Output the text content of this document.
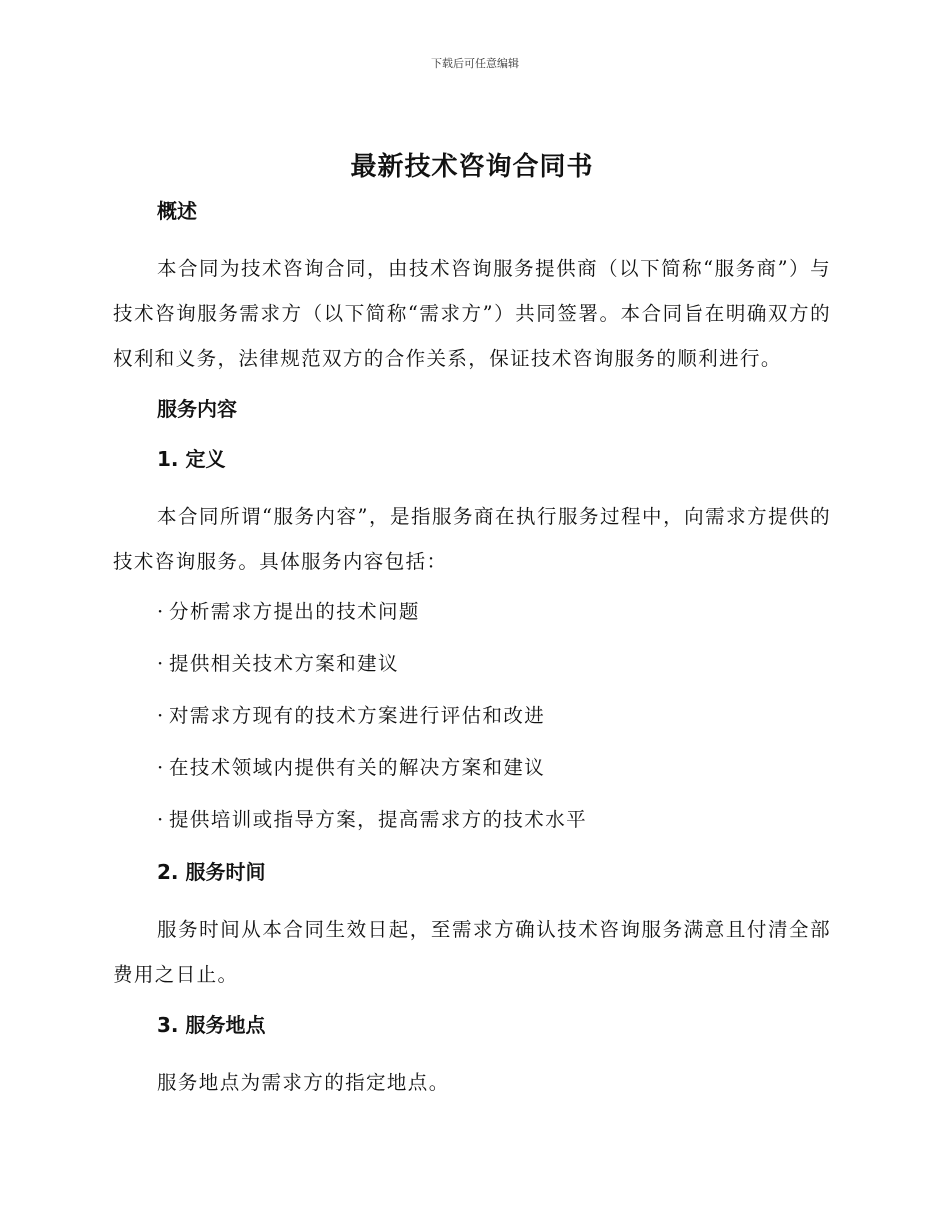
下载后可任意编辑
最新技术咨询合同书
概述

本合同为技术咨询合同，由技术咨询服务提供商（以下简称“服务商”）与技术咨询服务需求方（以下简称“需求方”）共同签署。本合同旨在明确双方的权利和义务，法律规范双方的合作关系，保证技术咨询服务的顺利进行。

服务内容
1. 定义

本合同所谓“服务内容”，是指服务商在执行服务过程中，向需求方提供的技术咨询服务。具体服务内容包括：

· 分析需求方提出的技术问题
· 提供相关技术方案和建议
· 对需求方现有的技术方案进行评估和改进
· 在技术领域内提供有关的解决方案和建议
· 提供培训或指导方案，提高需求方的技术水平
2. 服务时间

服务时间从本合同生效日起，至需求方确认技术咨询服务满意且付清全部费用之日止。

3. 服务地点

服务地点为需求方的指定地点。
